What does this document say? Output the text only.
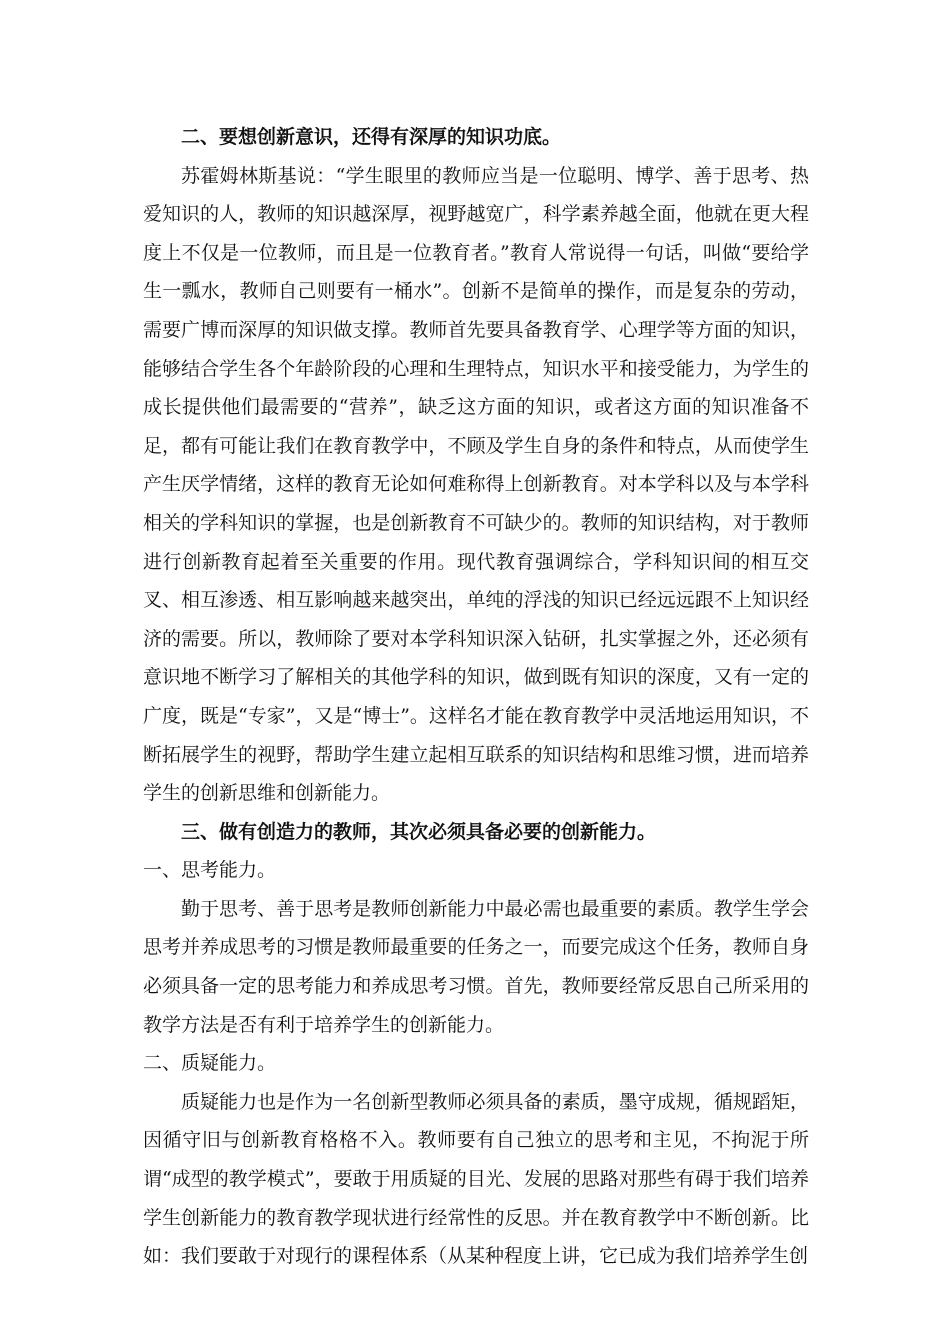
二、要想创新意识，还得有深厚的知识功底。

苏霍姆林斯基说：“学生眼里的教师应当是一位聪明、博学、善于思考、热爱知识的人，教师的知识越深厚，视野越宽广，科学素养越全面，他就在更大程度上不仅是一位教师，而且是一位教育者。”教育人常说得一句话，叫做“要给学生一瓢水，教师自己则要有一桶水”。创新不是简单的操作，而是复杂的劳动，需要广博而深厚的知识做支撑。教师首先要具备教育学、心理学等方面的知识，能够结合学生各个年龄阶段的心理和生理特点，知识水平和接受能力，为学生的成长提供他们最需要的“营养”，缺乏这方面的知识，或者这方面的知识准备不足，都有可能让我们在教育教学中，不顾及学生自身的条件和特点，从而使学生产生厌学情绪，这样的教育无论如何难称得上创新教育。对本学科以及与本学科相关的学科知识的掌握，也是创新教育不可缺少的。教师的知识结构，对于教师进行创新教育起着至关重要的作用。现代教育强调综合，学科知识间的相互交叉、相互渗透、相互影响越来越突出，单纯的浮浅的知识已经远远跟不上知识经济的需要。所以，教师除了要对本学科知识深入钻研，扎实掌握之外，还必须有意识地不断学习了解相关的其他学科的知识，做到既有知识的深度，又有一定的广度，既是“专家”，又是“博士”。这样名才能在教育教学中灵活地运用知识，不断拓展学生的视野，帮助学生建立起相互联系的知识结构和思维习惯，进而培养学生的创新思维和创新能力。

三、做有创造力的教师，其次必须具备必要的创新能力。

一、思考能力。

勤于思考、善于思考是教师创新能力中最必需也最重要的素质。教学生学会思考并养成思考的习惯是教师最重要的任务之一，而要完成这个任务，教师自身必须具备一定的思考能力和养成思考习惯。首先，教师要经常反思自己所采用的教学方法是否有利于培养学生的创新能力。

二、质疑能力。

质疑能力也是作为一名创新型教师必须具备的素质，墨守成规，循规蹈矩，因循守旧与创新教育格格不入。教师要有自己独立的思考和主见，不拘泥于所谓“成型的教学模式”，要敢于用质疑的目光、发展的思路对那些有碍于我们培养学生创新能力的教育教学现状进行经常性的反思。并在教育教学中不断创新。比如：我们要敢于对现行的课程体系（从某种程度上讲，它已成为我们培养学生创
